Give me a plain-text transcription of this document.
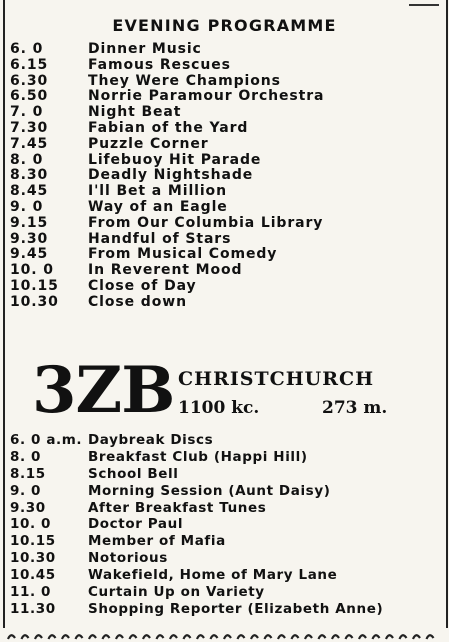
EVENING PROGRAMME
6. 0	Dinner Music
6.15	Famous Rescues
6.30	They Were Champions
6.50	Norrie Paramour Orchestra
7. 0	Night Beat
7.30	Fabian of the Yard
7.45	Puzzle Corner
8. 0	Lifebuoy Hit Parade
8.30	Deadly Nightshade
8.45	I'll Bet a Million
9. 0	Way of an Eagle
9.15	From Our Columbia Library
9.30	Handful of Stars
9.45	From Musical Comedy
10. 0	In Reverent Mood
10.15	Close of Day
10.30	Close down
3ZB CHRISTCHURCH
1100 kc.	273 m.
6. 0 a.m. Daybreak Discs
8. 0	Breakfast Club (Happi Hill)
8.15	School Bell
9. 0	Morning Session (Aunt Daisy)
9.30	After Breakfast Tunes
10. 0	Doctor Paul
10.15	Member of Mafia
10.30	Notorious
10.45	Wakefield, Home of Mary Lane
11. 0	Curtain Up on Variety
11.30	Shopping Reporter (Elizabeth Anne)
